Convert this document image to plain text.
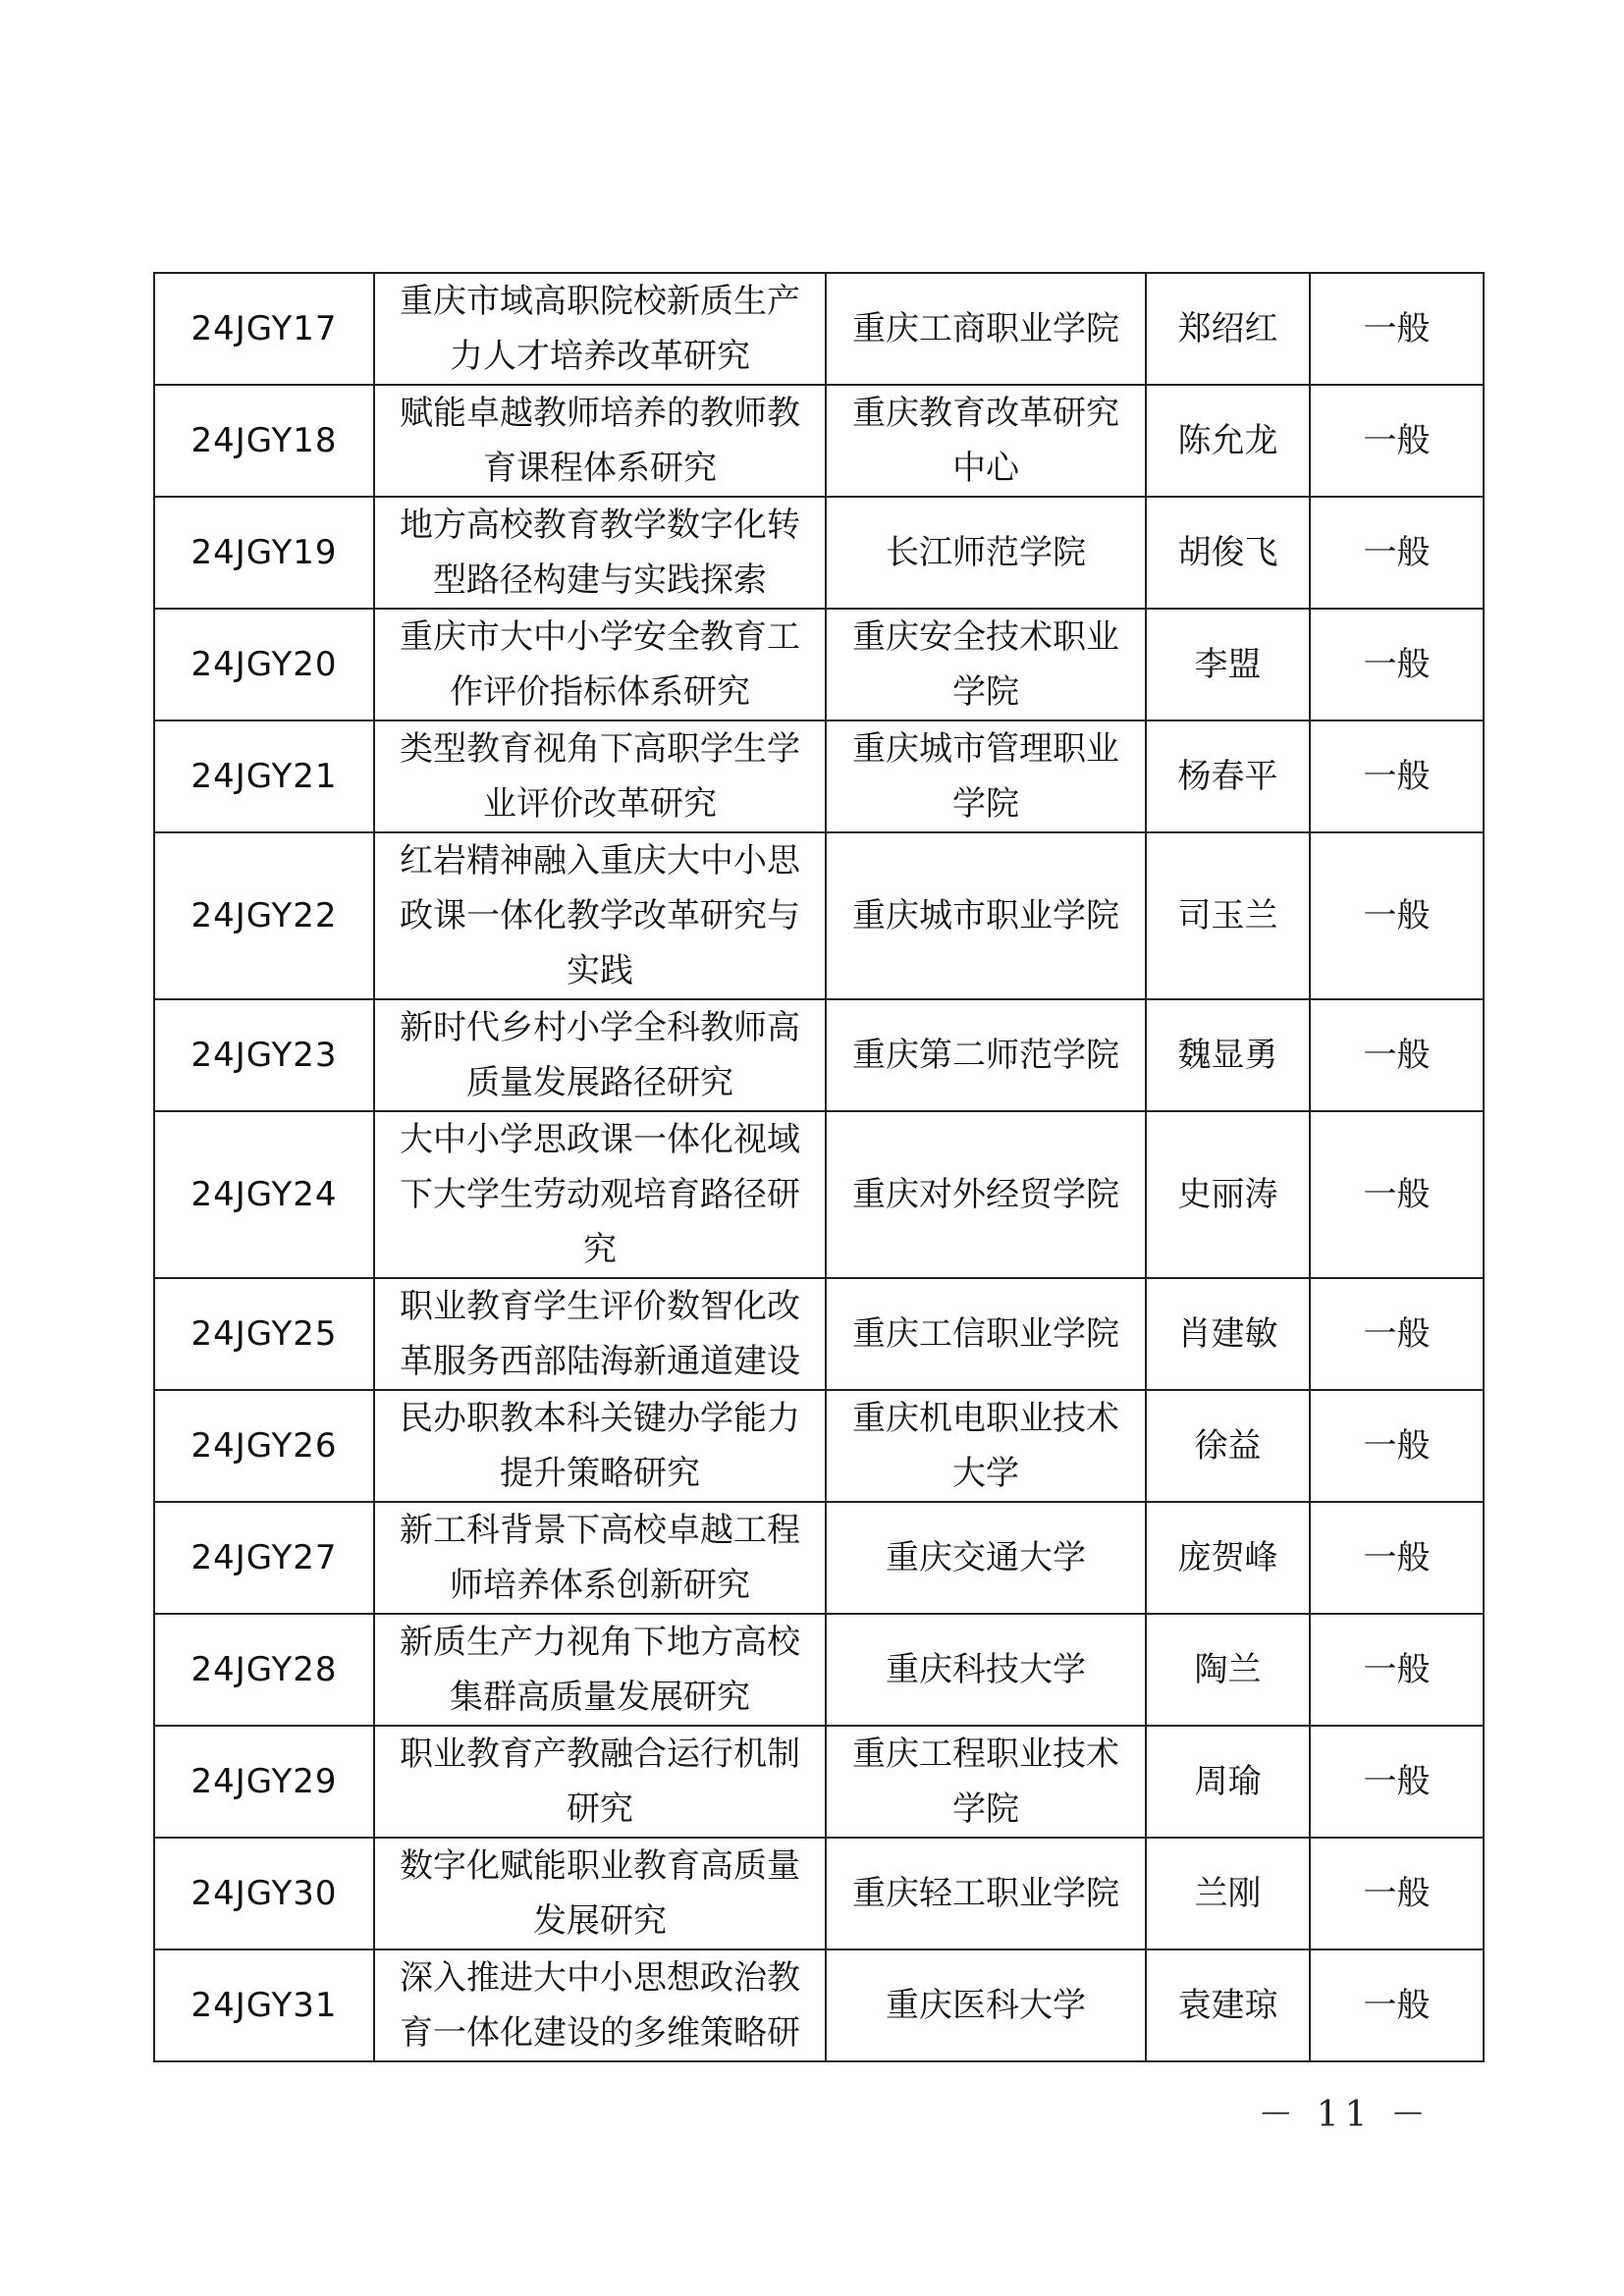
24JGY17	重庆市域高职院校新质生产力人才培养改革研究	重庆工商职业学院	郑绍红	一般
24JGY18	赋能卓越教师培养的教师教育课程体系研究	重庆教育改革研究中心	陈允龙	一般
24JGY19	地方高校教育教学数字化转型路径构建与实践探索	长江师范学院	胡俊飞	一般
24JGY20	重庆市大中小学安全教育工作评价指标体系研究	重庆安全技术职业学院	李盟	一般
24JGY21	类型教育视角下高职学生学业评价改革研究	重庆城市管理职业学院	杨春平	一般
24JGY22	红岩精神融入重庆大中小思政课一体化教学改革研究与实践	重庆城市职业学院	司玉兰	一般
24JGY23	新时代乡村小学全科教师高质量发展路径研究	重庆第二师范学院	魏显勇	一般
24JGY24	大中小学思政课一体化视域下大学生劳动观培育路径研究	重庆对外经贸学院	史丽涛	一般
24JGY25	职业教育学生评价数智化改革服务西部陆海新通道建设	重庆工信职业学院	肖建敏	一般
24JGY26	民办职教本科关键办学能力提升策略研究	重庆机电职业技术大学	徐益	一般
24JGY27	新工科背景下高校卓越工程师培养体系创新研究	重庆交通大学	庞贺峰	一般
24JGY28	新质生产力视角下地方高校集群高质量发展研究	重庆科技大学	陶兰	一般
24JGY29	职业教育产教融合运行机制研究	重庆工程职业技术学院	周瑜	一般
24JGY30	数字化赋能职业教育高质量发展研究	重庆轻工职业学院	兰刚	一般
24JGY31	深入推进大中小思想政治教育一体化建设的多维策略研	重庆医科大学	袁建琼	一般
－ 11 －
